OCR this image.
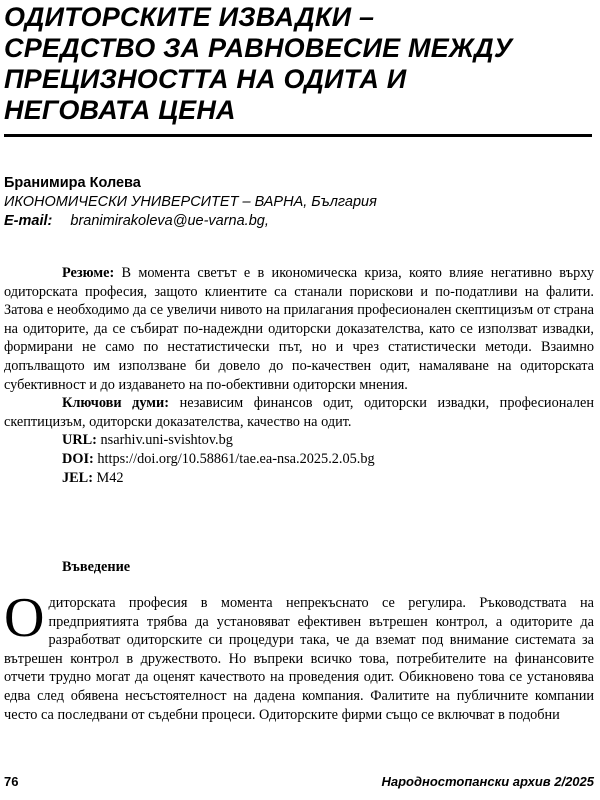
ОДИТОРСКИТЕ ИЗВАДКИ –
СРЕДСТВО ЗА РАВНОВЕСИЕ МЕЖДУ
ПРЕЦИЗНОСТТА НА ОДИТА И
НЕГОВАТА ЦЕНА
Бранимира Колева
ИКОНОМИЧЕСКИ УНИВЕРСИТЕТ – ВАРНА, България
E-mail: branimirakoleva@ue-varna.bg,

Резюме: В момента светът е в икономическа криза, която влияе негативно върху одиторската професия, защото клиентите са станали порискови и по-податливи на фалити. Затова е необходимо да се увеличи нивото на прилагания професионален скептицизъм от страна на одиторите, да се събират по-надеждни одиторски доказателства, като се използват извадки, формирани не само по нестатистически път, но и чрез статистически методи. Взаимно допълващото им използване би довело до по-качествен одит, намаляване на одиторската субективност и до издаването на по-обективни одиторски мнения.

Ключови думи: независим финансов одит, одиторски извадки, професионален скептицизъм, одиторски доказателства, качество на одит.

URL: nsarhiv.uni-svishtov.bg
DOI: https://doi.org/10.58861/tae.ea-nsa.2025.2.05.bg
JEL: M42
Въведение

Одиторската професия в момента непрекъснато се регулира. Ръководствата на предприятията трябва да установяват ефективен вътрешен контрол, а одиторите да разработват одиторските си процедури така, че да вземат под внимание системата за вътрешен контрол в дружеството. Но въпреки всичко това, потребителите на финансовите отчети трудно могат да оценят качеството на проведения одит. Обикновено това се установява едва след обявена несъстоятелност на дадена компания. Фалитите на публичните компании често са последвани от съдебни процеси. Одиторските фирми също се включват в подобни

76	Народностопански архив 2/2025
